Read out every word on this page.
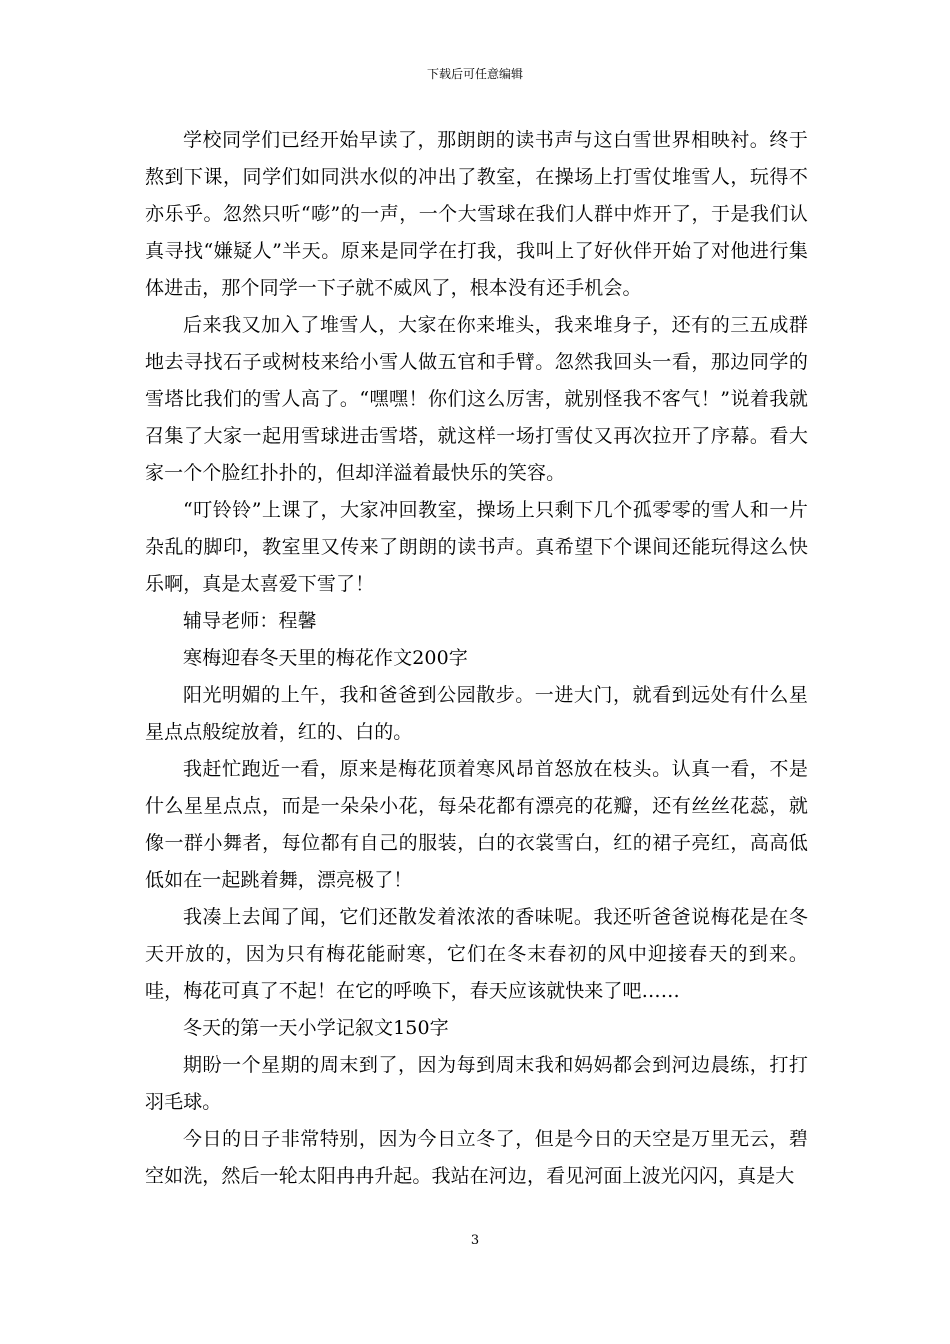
下载后可任意编辑

学校同学们已经开始早读了，那朗朗的读书声与这白雪世界相映衬。终于熬到下课，同学们如同洪水似的冲出了教室，在操场上打雪仗堆雪人，玩得不亦乐乎。忽然只听“嘭”的一声，一个大雪球在我们人群中炸开了，于是我们认真寻找“嫌疑人”半天。原来是同学在打我，我叫上了好伙伴开始了对他进行集体进击，那个同学一下子就不威风了，根本没有还手机会。

后来我又加入了堆雪人，大家在你来堆头，我来堆身子，还有的三五成群地去寻找石子或树枝来给小雪人做五官和手臂。忽然我回头一看，那边同学的雪塔比我们的雪人高了。“嘿嘿！你们这么厉害，就别怪我不客气！”说着我就召集了大家一起用雪球进击雪塔，就这样一场打雪仗又再次拉开了序幕。看大家一个个脸红扑扑的，但却洋溢着最快乐的笑容。

“叮铃铃”上课了，大家冲回教室，操场上只剩下几个孤零零的雪人和一片杂乱的脚印，教室里又传来了朗朗的读书声。真希望下个课间还能玩得这么快乐啊，真是太喜爱下雪了！

辅导老师：程馨

寒梅迎春冬天里的梅花作文200字

阳光明媚的上午，我和爸爸到公园散步。一进大门，就看到远处有什么星星点点般绽放着，红的、白的。

我赶忙跑近一看，原来是梅花顶着寒风昂首怒放在枝头。认真一看，不是什么星星点点，而是一朵朵小花，每朵花都有漂亮的花瓣，还有丝丝花蕊，就像一群小舞者，每位都有自己的服装，白的衣裳雪白，红的裙子亮红，高高低低如在一起跳着舞，漂亮极了！

我凑上去闻了闻，它们还散发着浓浓的香味呢。我还听爸爸说梅花是在冬天开放的，因为只有梅花能耐寒，它们在冬末春初的风中迎接春天的到来。哇，梅花可真了不起！在它的呼唤下，春天应该就快来了吧……

冬天的第一天小学记叙文150字

期盼一个星期的周末到了，因为每到周末我和妈妈都会到河边晨练，打打羽毛球。

今日的日子非常特别，因为今日立冬了，但是今日的天空是万里无云，碧空如洗，然后一轮太阳冉冉升起。我站在河边，看见河面上波光闪闪，真是大

3
